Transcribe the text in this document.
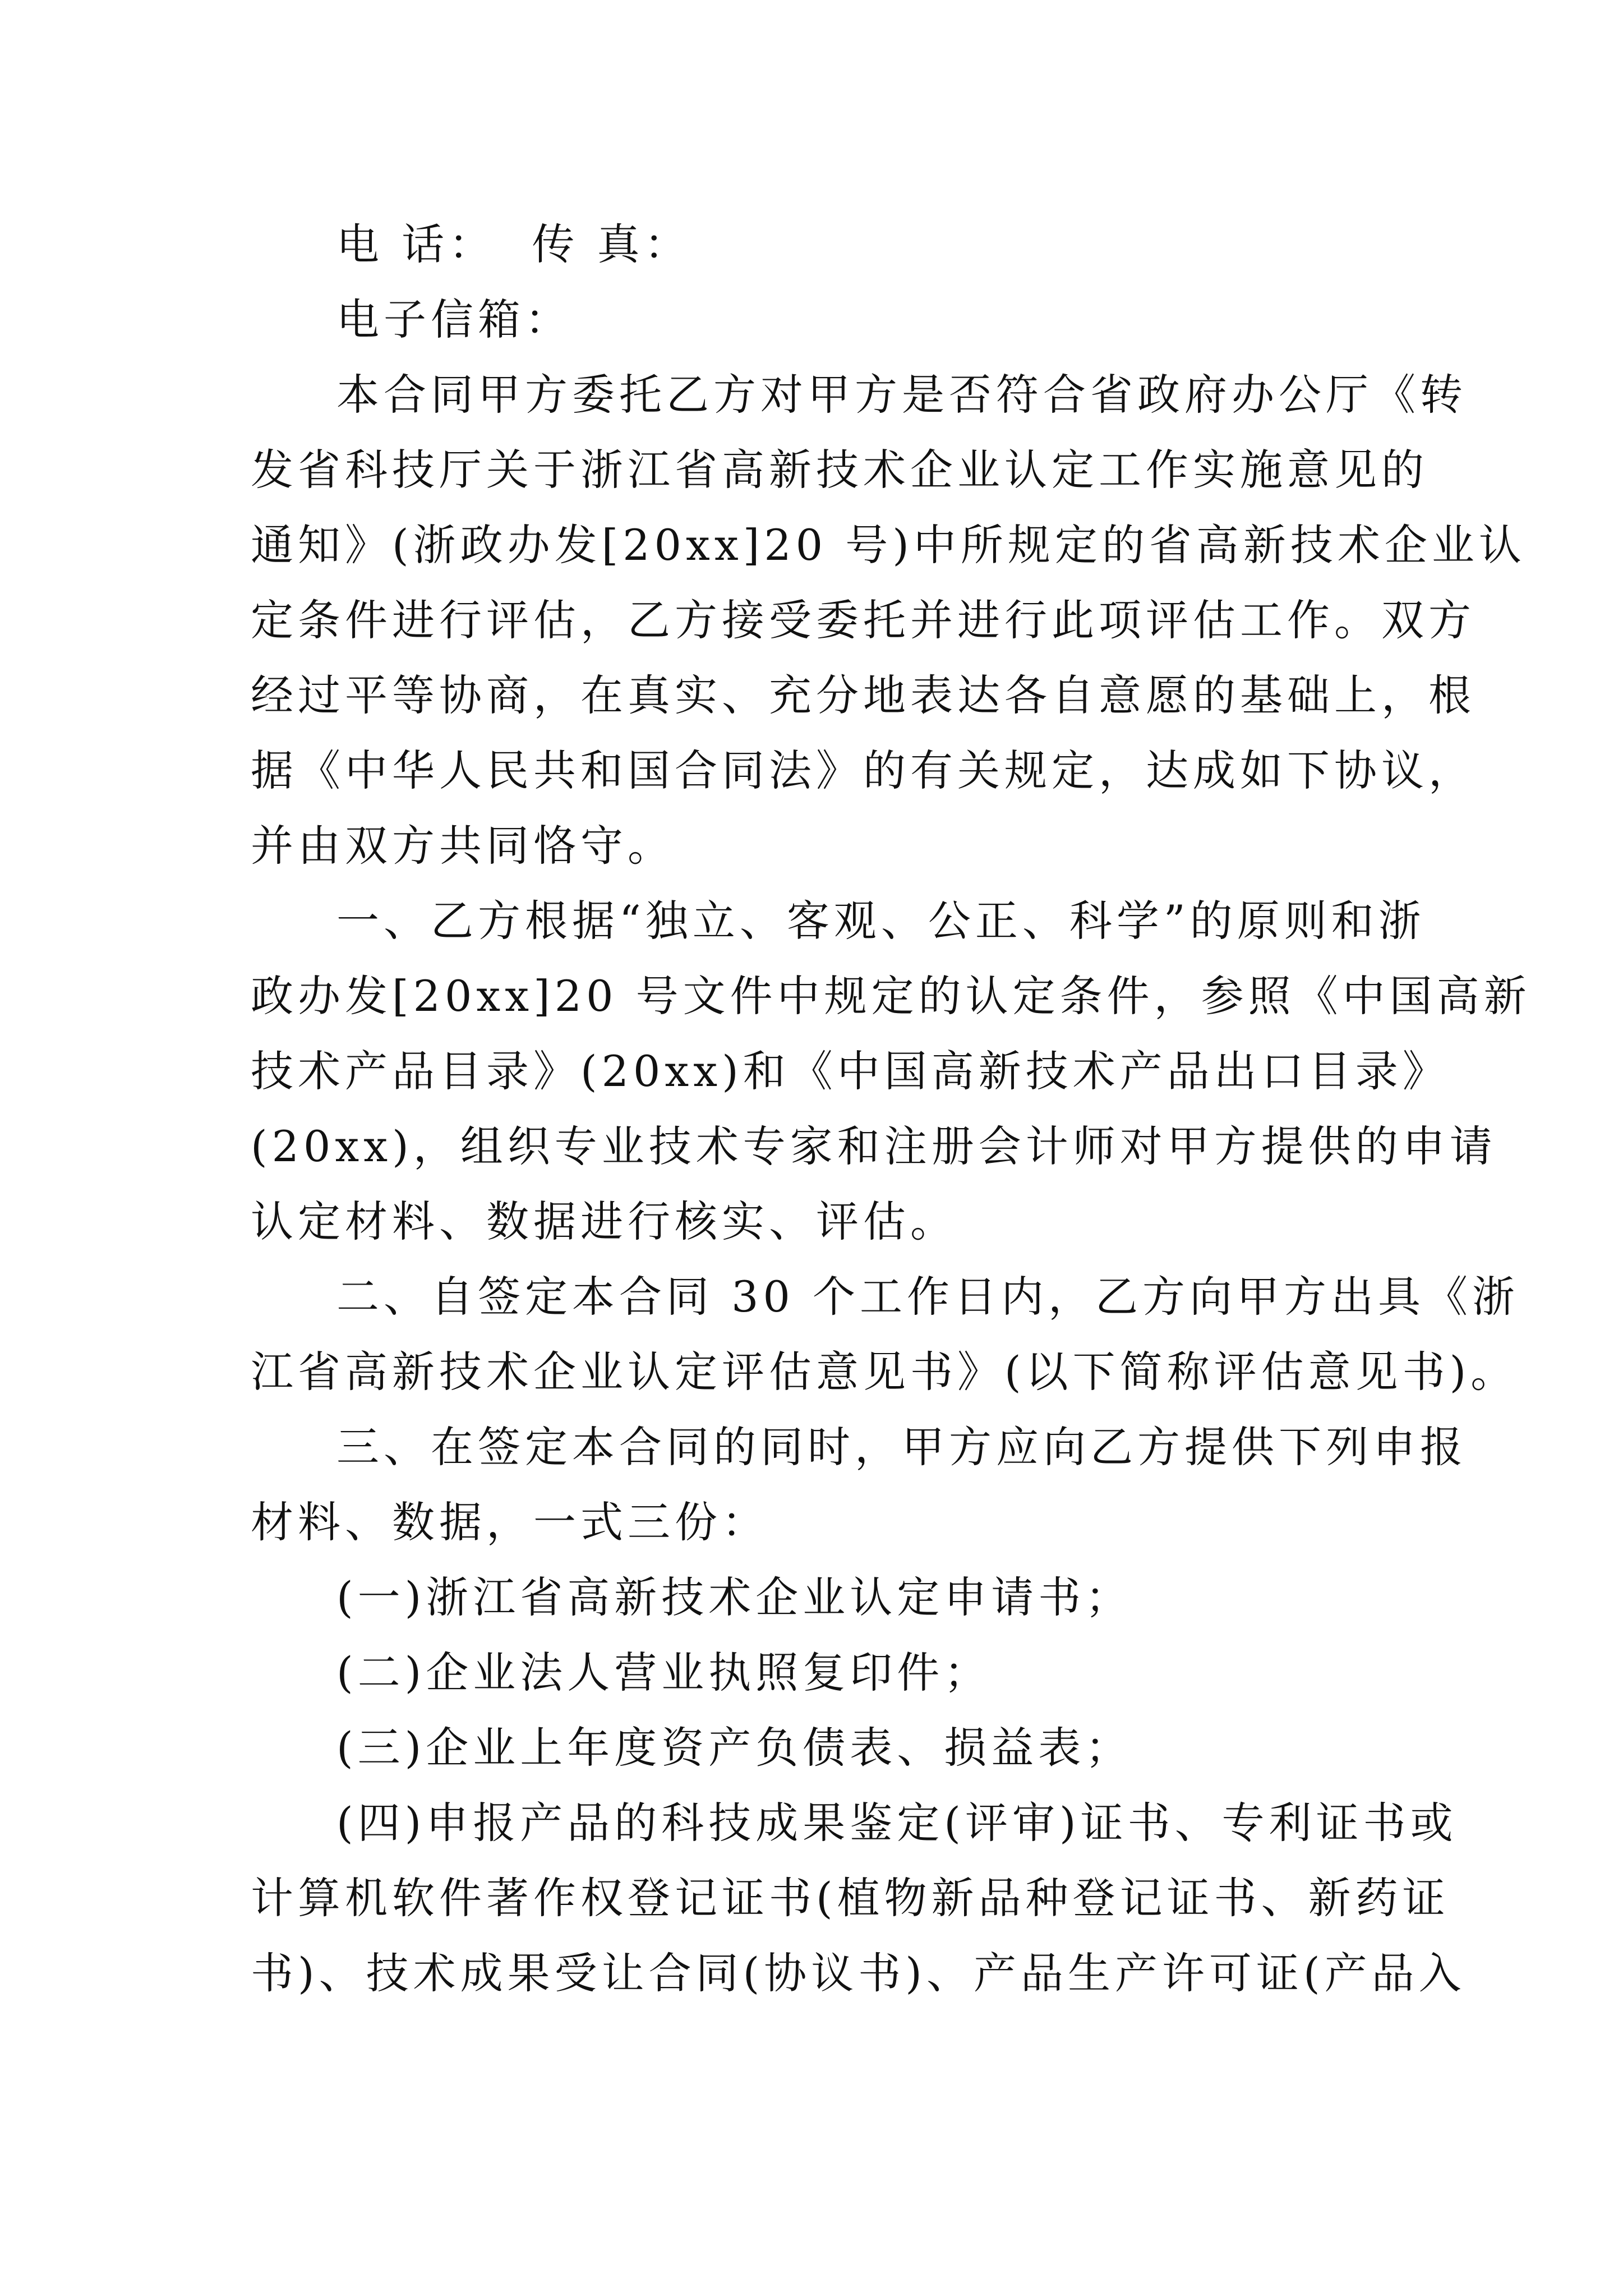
电 话：  传 真：
电子信箱：
本合同甲方委托乙方对甲方是否符合省政府办公厅《转
发省科技厅关于浙江省高新技术企业认定工作实施意见的
通知》(浙政办发[20xx]20 号)中所规定的省高新技术企业认
定条件进行评估，乙方接受委托并进行此项评估工作。双方
经过平等协商，在真实、充分地表达各自意愿的基础上，根
据《中华人民共和国合同法》的有关规定，达成如下协议，
并由双方共同恪守。
一、乙方根据“独立、客观、公正、科学”的原则和浙
政办发[20xx]20 号文件中规定的认定条件，参照《中国高新
技术产品目录》(20xx)和《中国高新技术产品出口目录》
(20xx)，组织专业技术专家和注册会计师对甲方提供的申请
认定材料、数据进行核实、评估。
二、自签定本合同 30 个工作日内，乙方向甲方出具《浙
江省高新技术企业认定评估意见书》(以下简称评估意见书)。
三、在签定本合同的同时，甲方应向乙方提供下列申报
材料、数据，一式三份：
(一)浙江省高新技术企业认定申请书；
(二)企业法人营业执照复印件；
(三)企业上年度资产负债表、损益表；
(四)申报产品的科技成果鉴定(评审)证书、专利证书或
计算机软件著作权登记证书(植物新品种登记证书、新药证
书)、技术成果受让合同(协议书)、产品生产许可证(产品入
